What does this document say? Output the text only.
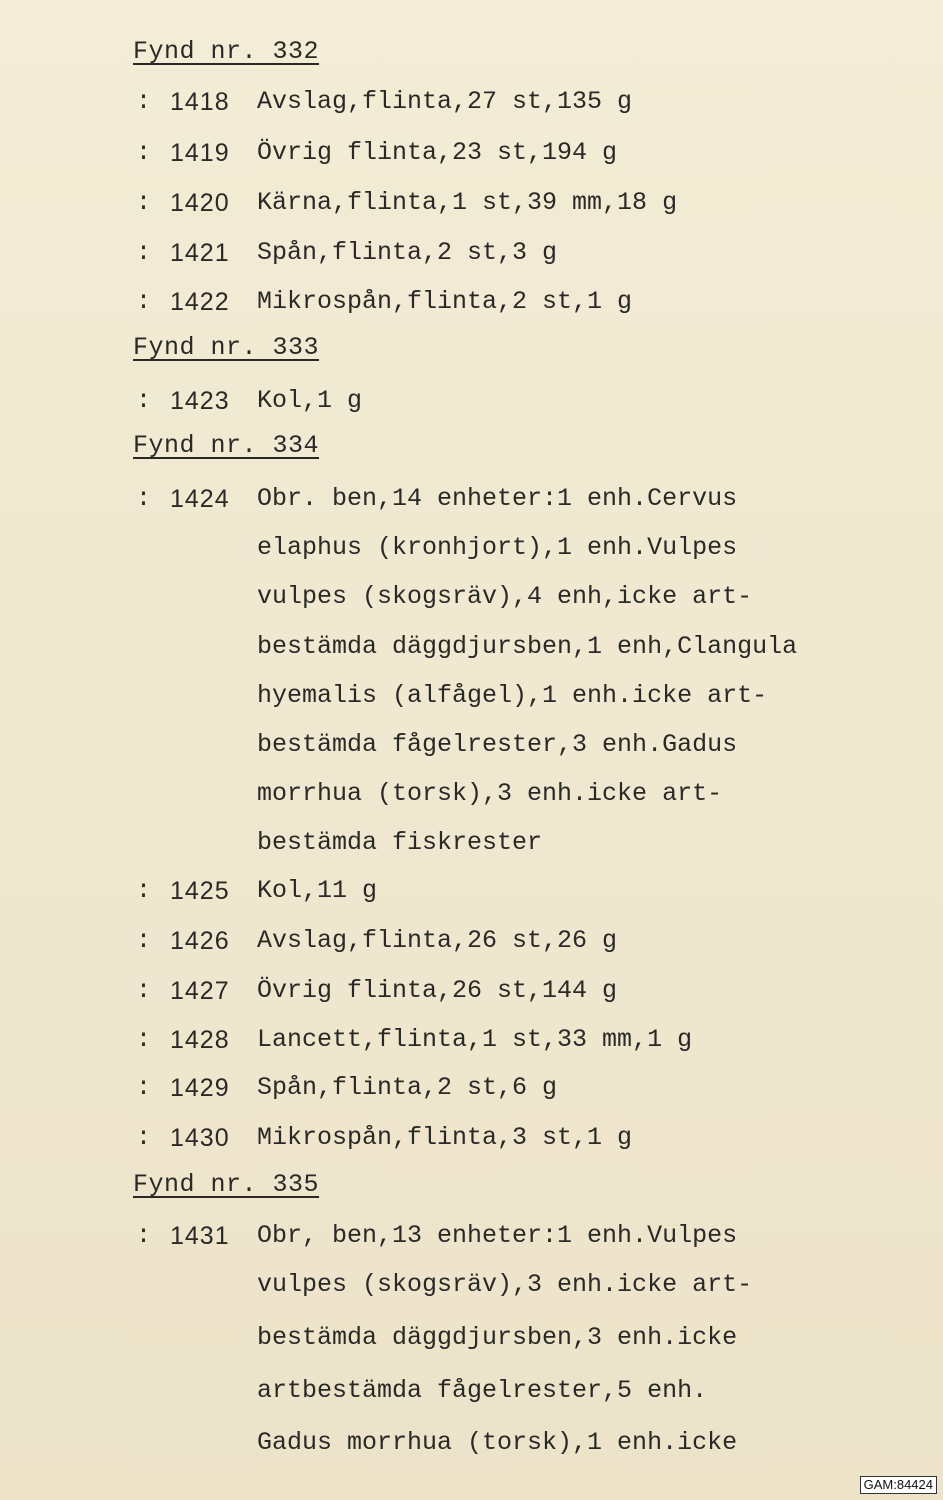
Fynd nr. 332
: 1418 Avslag,flinta,27 st,135 g
: 1419 Övrig flinta,23 st,194 g
: 1420 Kärna,flinta,1 st,39 mm,18 g
: 1421 Spån,flinta,2 st,3 g
: 1422 Mikrospån,flinta,2 st,1 g
Fynd nr. 333
: 1423 Kol,1 g
Fynd nr. 334
: 1424 Obr. ben,14 enheter:1 enh.Cervus
elaphus (kronhjort),1 enh.Vulpes
vulpes (skogsräv),4 enh,icke art-
bestämda däggdjursben,1 enh,Clangula
hyemalis (alfågel),1 enh.icke art-
bestämda fågelrester,3 enh.Gadus
morrhua (torsk),3 enh.icke art-
bestämda fiskrester
: 1425 Kol,11 g
: 1426 Avslag,flinta,26 st,26 g
: 1427 Övrig flinta,26 st,144 g
: 1428 Lancett,flinta,1 st,33 mm,1 g
: 1429 Spån,flinta,2 st,6 g
: 1430 Mikrospån,flinta,3 st,1 g
Fynd nr. 335
: 1431 Obr, ben,13 enheter:1 enh.Vulpes
vulpes (skogsräv),3 enh.icke art-
bestämda däggdjursben,3 enh.icke
artbestämda fågelrester,5 enh.
Gadus morrhua (torsk),1 enh.icke
GAM:84424
